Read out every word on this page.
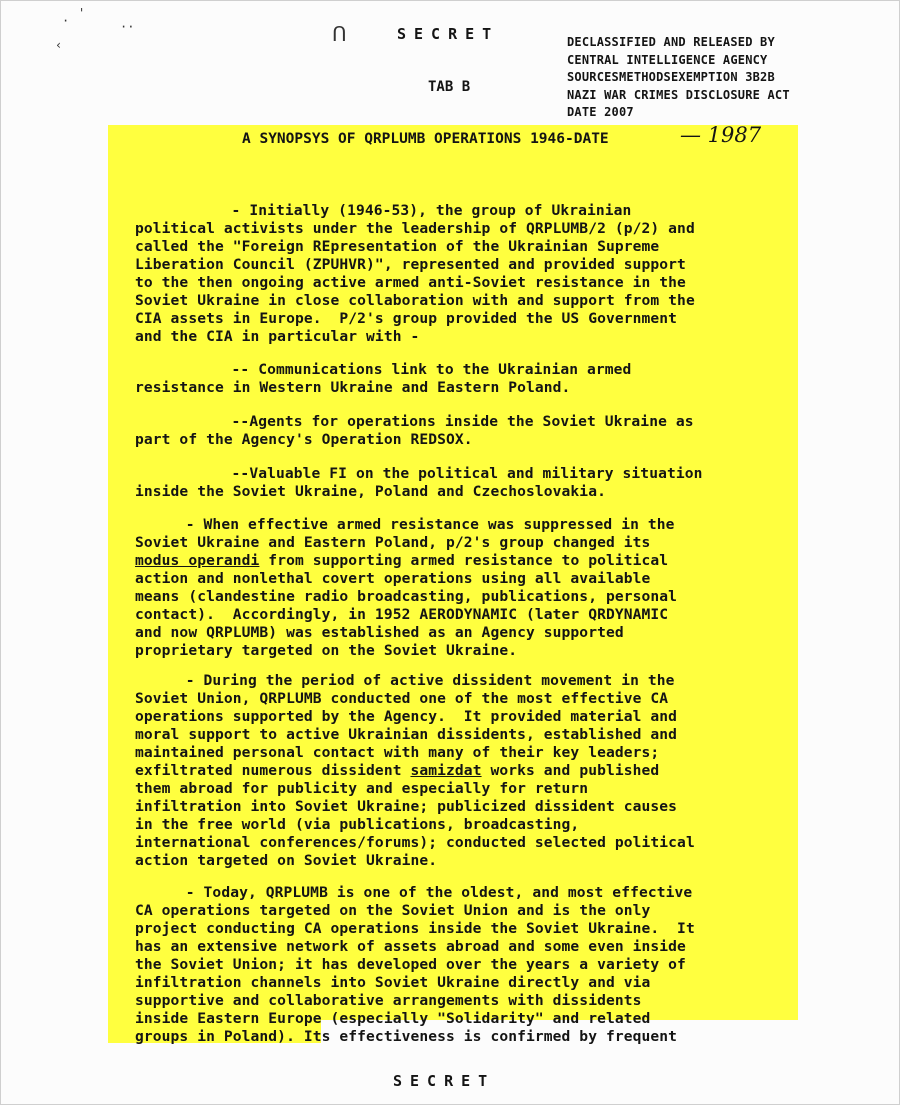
·
'
‹
··	ᑎ	SECRET
TAB B
DECLASSIFIED AND RELEASED BY
CENTRAL INTELLIGENCE AGENCY
SOURCESMETHODSEXEMPTION 3B2B
NAZI WAR CRIMES DISCLOSURE ACT
DATE 2007
A SYNOPSYS OF QRPLUMB OPERATIONS 1946-DATE	— 1987
- Initially (1946-53), the group of Ukrainian
political activists under the leadership of QRPLUMB/2 (p/2) and
called the "Foreign REpresentation of the Ukrainian Supreme
Liberation Council (ZPUHVR)", represented and provided support
to the then ongoing active armed anti-Soviet resistance in the
Soviet Ukraine in close collaboration with and support from the
CIA assets in Europe.  P/2's group provided the US Government
and the CIA in particular with -
-- Communications link to the Ukrainian armed
resistance in Western Ukraine and Eastern Poland.
--Agents for operations inside the Soviet Ukraine as
part of the Agency's Operation REDSOX.
--Valuable FI on the political and military situation
inside the Soviet Ukraine, Poland and Czechoslovakia.
- When effective armed resistance was suppressed in the
Soviet Ukraine and Eastern Poland, p/2's group changed its
modus operandi from supporting armed resistance to political
action and nonlethal covert operations using all available
means (clandestine radio broadcasting, publications, personal
contact).  Accordingly, in 1952 AERODYNAMIC (later QRDYNAMIC
and now QRPLUMB) was established as an Agency supported
proprietary targeted on the Soviet Ukraine.
- During the period of active dissident movement in the
Soviet Union, QRPLUMB conducted one of the most effective CA
operations supported by the Agency.  It provided material and
moral support to active Ukrainian dissidents, established and
maintained personal contact with many of their key leaders;
exfiltrated numerous dissident samizdat works and published
them abroad for publicity and especially for return
infiltration into Soviet Ukraine; publicized dissident causes
in the free world (via publications, broadcasting,
international conferences/forums); conducted selected political
action targeted on Soviet Ukraine.
- Today, QRPLUMB is one of the oldest, and most effective
CA operations targeted on the Soviet Union and is the only
project conducting CA operations inside the Soviet Ukraine.  It
has an extensive network of assets abroad and some even inside
the Soviet Union; it has developed over the years a variety of
infiltration channels into Soviet Ukraine directly and via
supportive and collaborative arrangements with dissidents
inside Eastern Europe (especially "Solidarity" and related
groups in Poland). Its effectiveness is confirmed by frequent
SECRET
